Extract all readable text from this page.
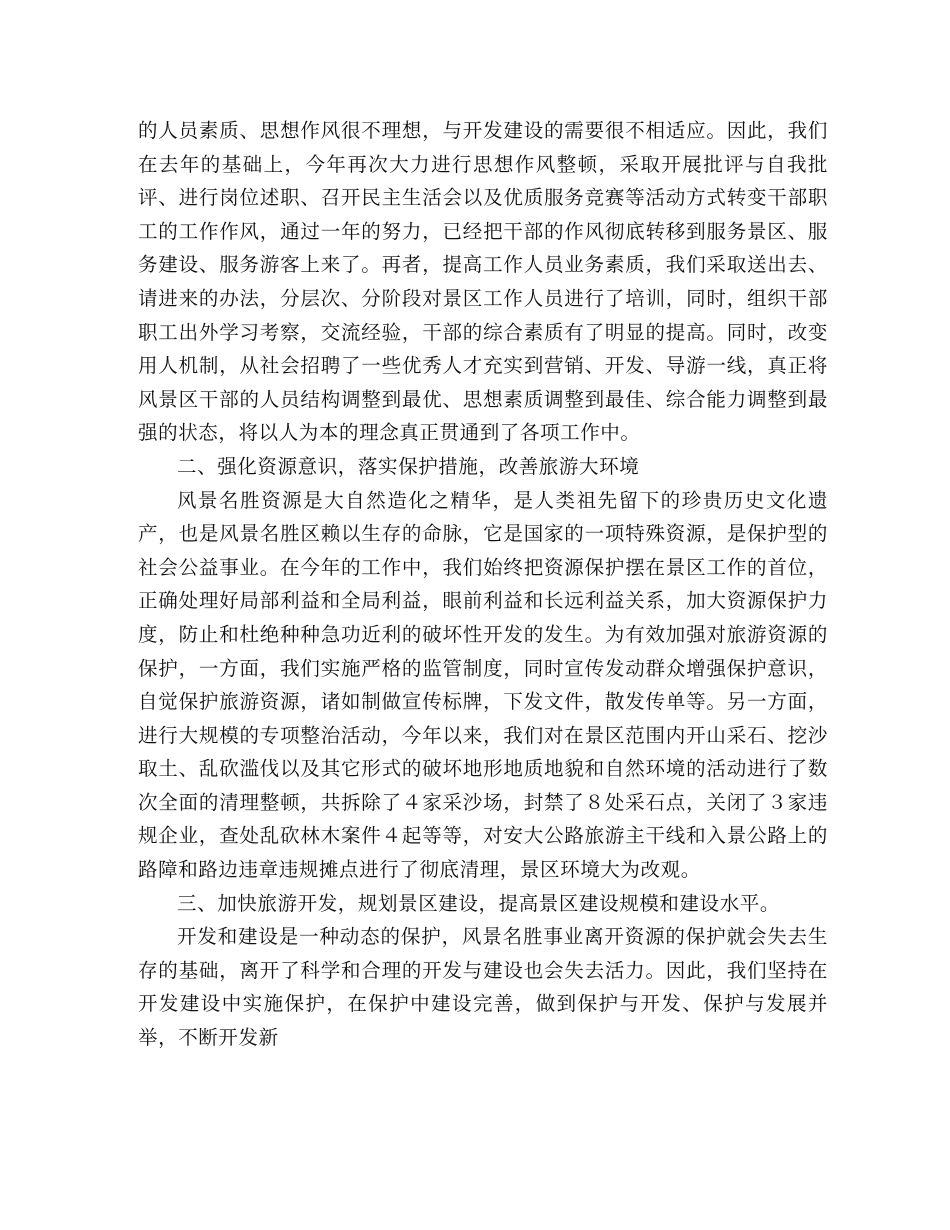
的人员素质、思想作风很不理想，与开发建设的需要很不相适应。因此，我们在去年的基础上，今年再次大力进行思想作风整顿，采取开展批评与自我批评、进行岗位述职、召开民主生活会以及优质服务竞赛等活动方式转变干部职工的工作作风，通过一年的努力，已经把干部的作风彻底转移到服务景区、服务建设、服务游客上来了。再者，提高工作人员业务素质，我们采取送出去、请进来的办法，分层次、分阶段对景区工作人员进行了培训，同时，组织干部职工出外学习考察，交流经验，干部的综合素质有了明显的提高。同时，改变用人机制，从社会招聘了一些优秀人才充实到营销、开发、导游一线，真正将风景区干部的人员结构调整到最优、思想素质调整到最佳、综合能力调整到最强的状态，将以人为本的理念真正贯通到了各项工作中。

二、强化资源意识，落实保护措施，改善旅游大环境

风景名胜资源是大自然造化之精华，是人类祖先留下的珍贵历史文化遗产，也是风景名胜区赖以生存的命脉，它是国家的一项特殊资源，是保护型的社会公益事业。在今年的工作中，我们始终把资源保护摆在景区工作的首位，正确处理好局部利益和全局利益，眼前利益和长远利益关系，加大资源保护力度，防止和杜绝种种急功近利的破坏性开发的发生。为有效加强对旅游资源的保护，一方面，我们实施严格的监管制度，同时宣传发动群众增强保护意识，自觉保护旅游资源，诸如制做宣传标牌，下发文件，散发传单等。另一方面，进行大规模的专项整治活动，今年以来，我们对在景区范围内开山采石、挖沙取土、乱砍滥伐以及其它形式的破坏地形地质地貌和自然环境的活动进行了数次全面的清理整顿，共拆除了４家采沙场，封禁了８处采石点，关闭了３家违规企业，查处乱砍林木案件４起等等，对安大公路旅游主干线和入景公路上的路障和路边违章违规摊点进行了彻底清理，景区环境大为改观。

三、加快旅游开发，规划景区建设，提高景区建设规模和建设水平。

开发和建设是一种动态的保护，风景名胜事业离开资源的保护就会失去生存的基础，离开了科学和合理的开发与建设也会失去活力。因此，我们坚持在开发建设中实施保护，在保护中建设完善，做到保护与开发、保护与发展并举，不断开发新
